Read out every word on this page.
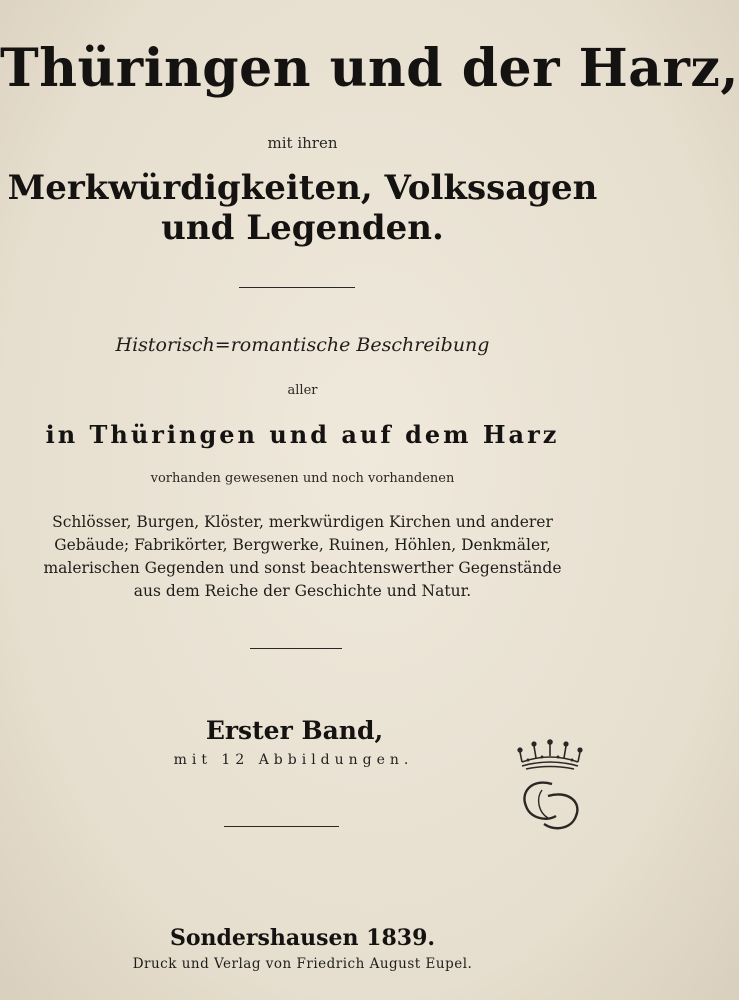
Thüringen und der Harz,
mit ihren
Merkwürdigkeiten, Volkssagen
und Legenden.
Historisch=romantische Beschreibung
aller
in Thüringen und auf dem Harz
vorhanden gewesenen und noch vorhandenen
Schlösser, Burgen, Klöster, merkwürdigen Kirchen und anderer
Gebäude; Fabrikörter, Bergwerke, Ruinen, Höhlen, Denkmäler,
malerischen Gegenden und sonst beachtenswerther Gegenstände
aus dem Reiche der Geschichte und Natur.
Erster Band,
mit 12 Abbildungen.
Sondershausen 1839.
Druck und Verlag von Friedrich August Eupel.
